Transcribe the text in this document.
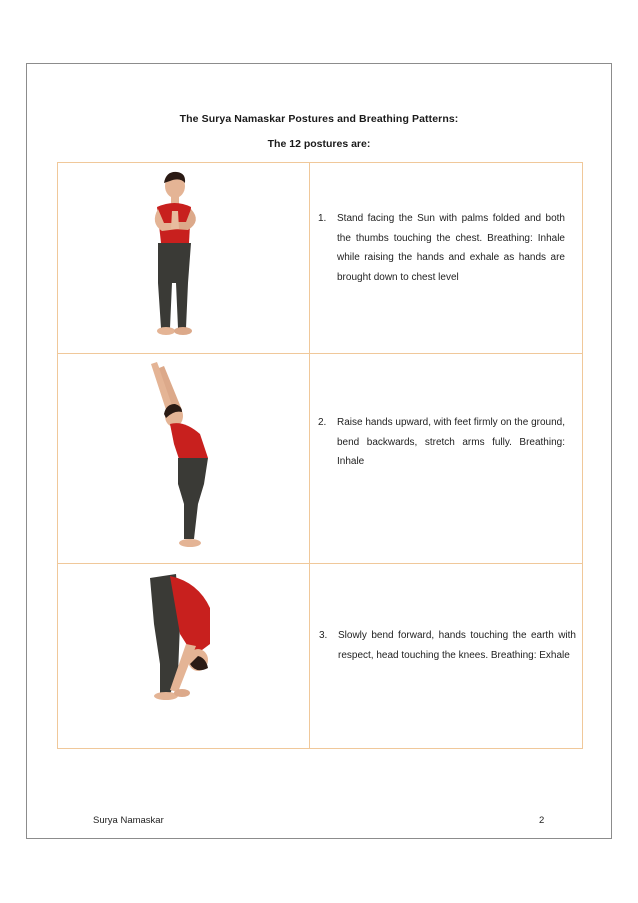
The Surya Namaskar Postures and Breathing Patterns:
The 12 postures are:

1. Stand facing the Sun with palms folded and both the thumbs touching the chest. Breathing: Inhale while raising the hands and exhale as hands are brought down to chest level

2. Raise hands upward, with feet firmly on the ground, bend backwards, stretch arms fully. Breathing: Inhale

3. Slowly bend forward, hands touching the earth with respect, head touching the knees. Breathing: Exhale
Surya Namaskar	2
